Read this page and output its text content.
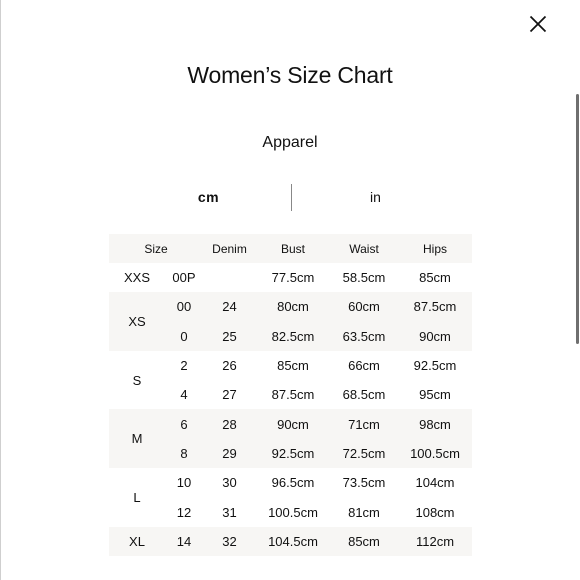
Women’s Size Chart
Apparel
cm	in
Size		Denim	Bust	Waist	Hips
XXS	00P		77.5cm	58.5cm	85cm
XS	00	24	80cm	60cm	87.5cm
	0	25	82.5cm	63.5cm	90cm
S	2	26	85cm	66cm	92.5cm
	4	27	87.5cm	68.5cm	95cm
M	6	28	90cm	71cm	98cm
	8	29	92.5cm	72.5cm	100.5cm
L	10	30	96.5cm	73.5cm	104cm
	12	31	100.5cm	81cm	108cm
XL	14	32	104.5cm	85cm	112cm
